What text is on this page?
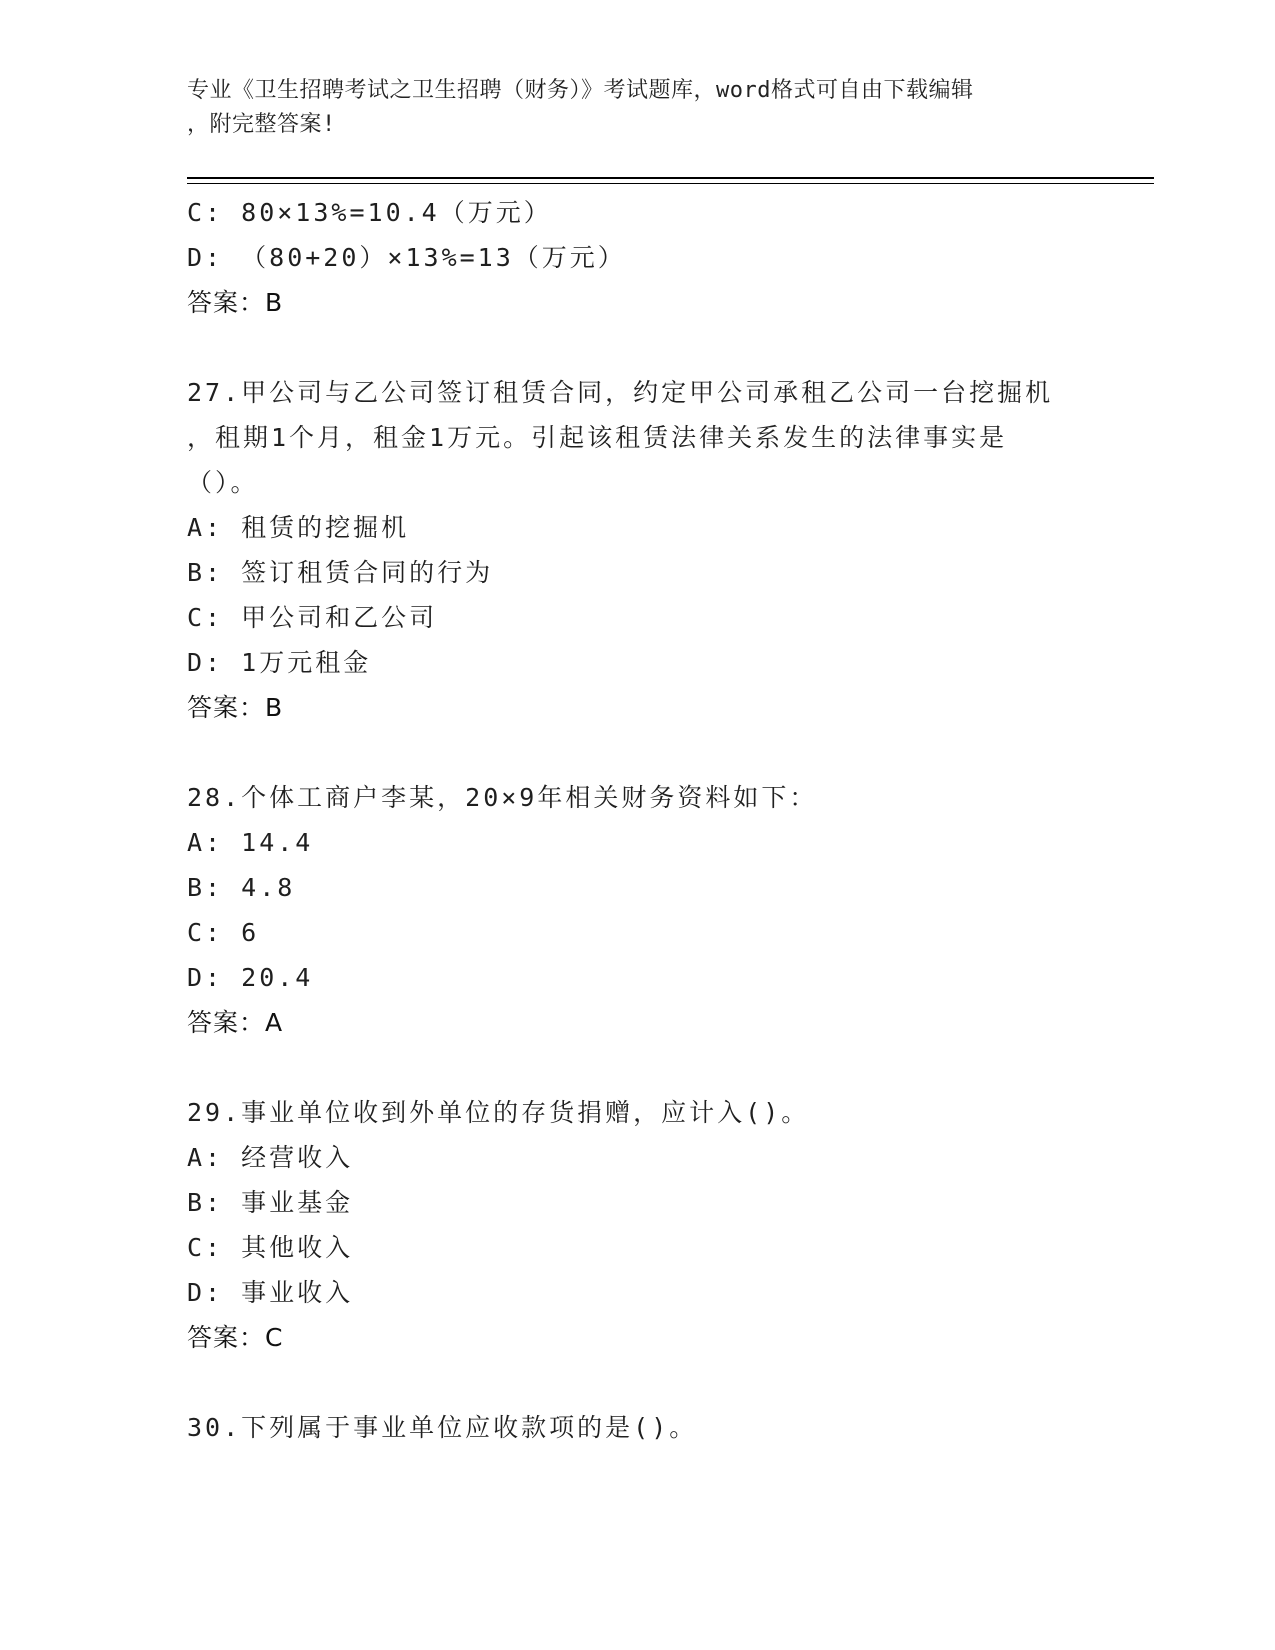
专业《卫生招聘考试之卫生招聘（财务）》考试题库，word格式可自由下载编辑
，附完整答案!
C: 80×13%=10.4（万元）
D: （80+20）×13%=13（万元）
答案：B
27.甲公司与乙公司签订租赁合同，约定甲公司承租乙公司一台挖掘机
，租期1个月，租金1万元。引起该租赁法律关系发生的法律事实是
（）。
A: 租赁的挖掘机
B: 签订租赁合同的行为
C: 甲公司和乙公司
D: 1万元租金
答案：B
28.个体工商户李某，20×9年相关财务资料如下：
A: 14.4
B: 4.8
C: 6
D: 20.4
答案：A
29.事业单位收到外单位的存货捐赠，应计入()。
A: 经营收入
B: 事业基金
C: 其他收入
D: 事业收入
答案：C
30.下列属于事业单位应收款项的是()。
